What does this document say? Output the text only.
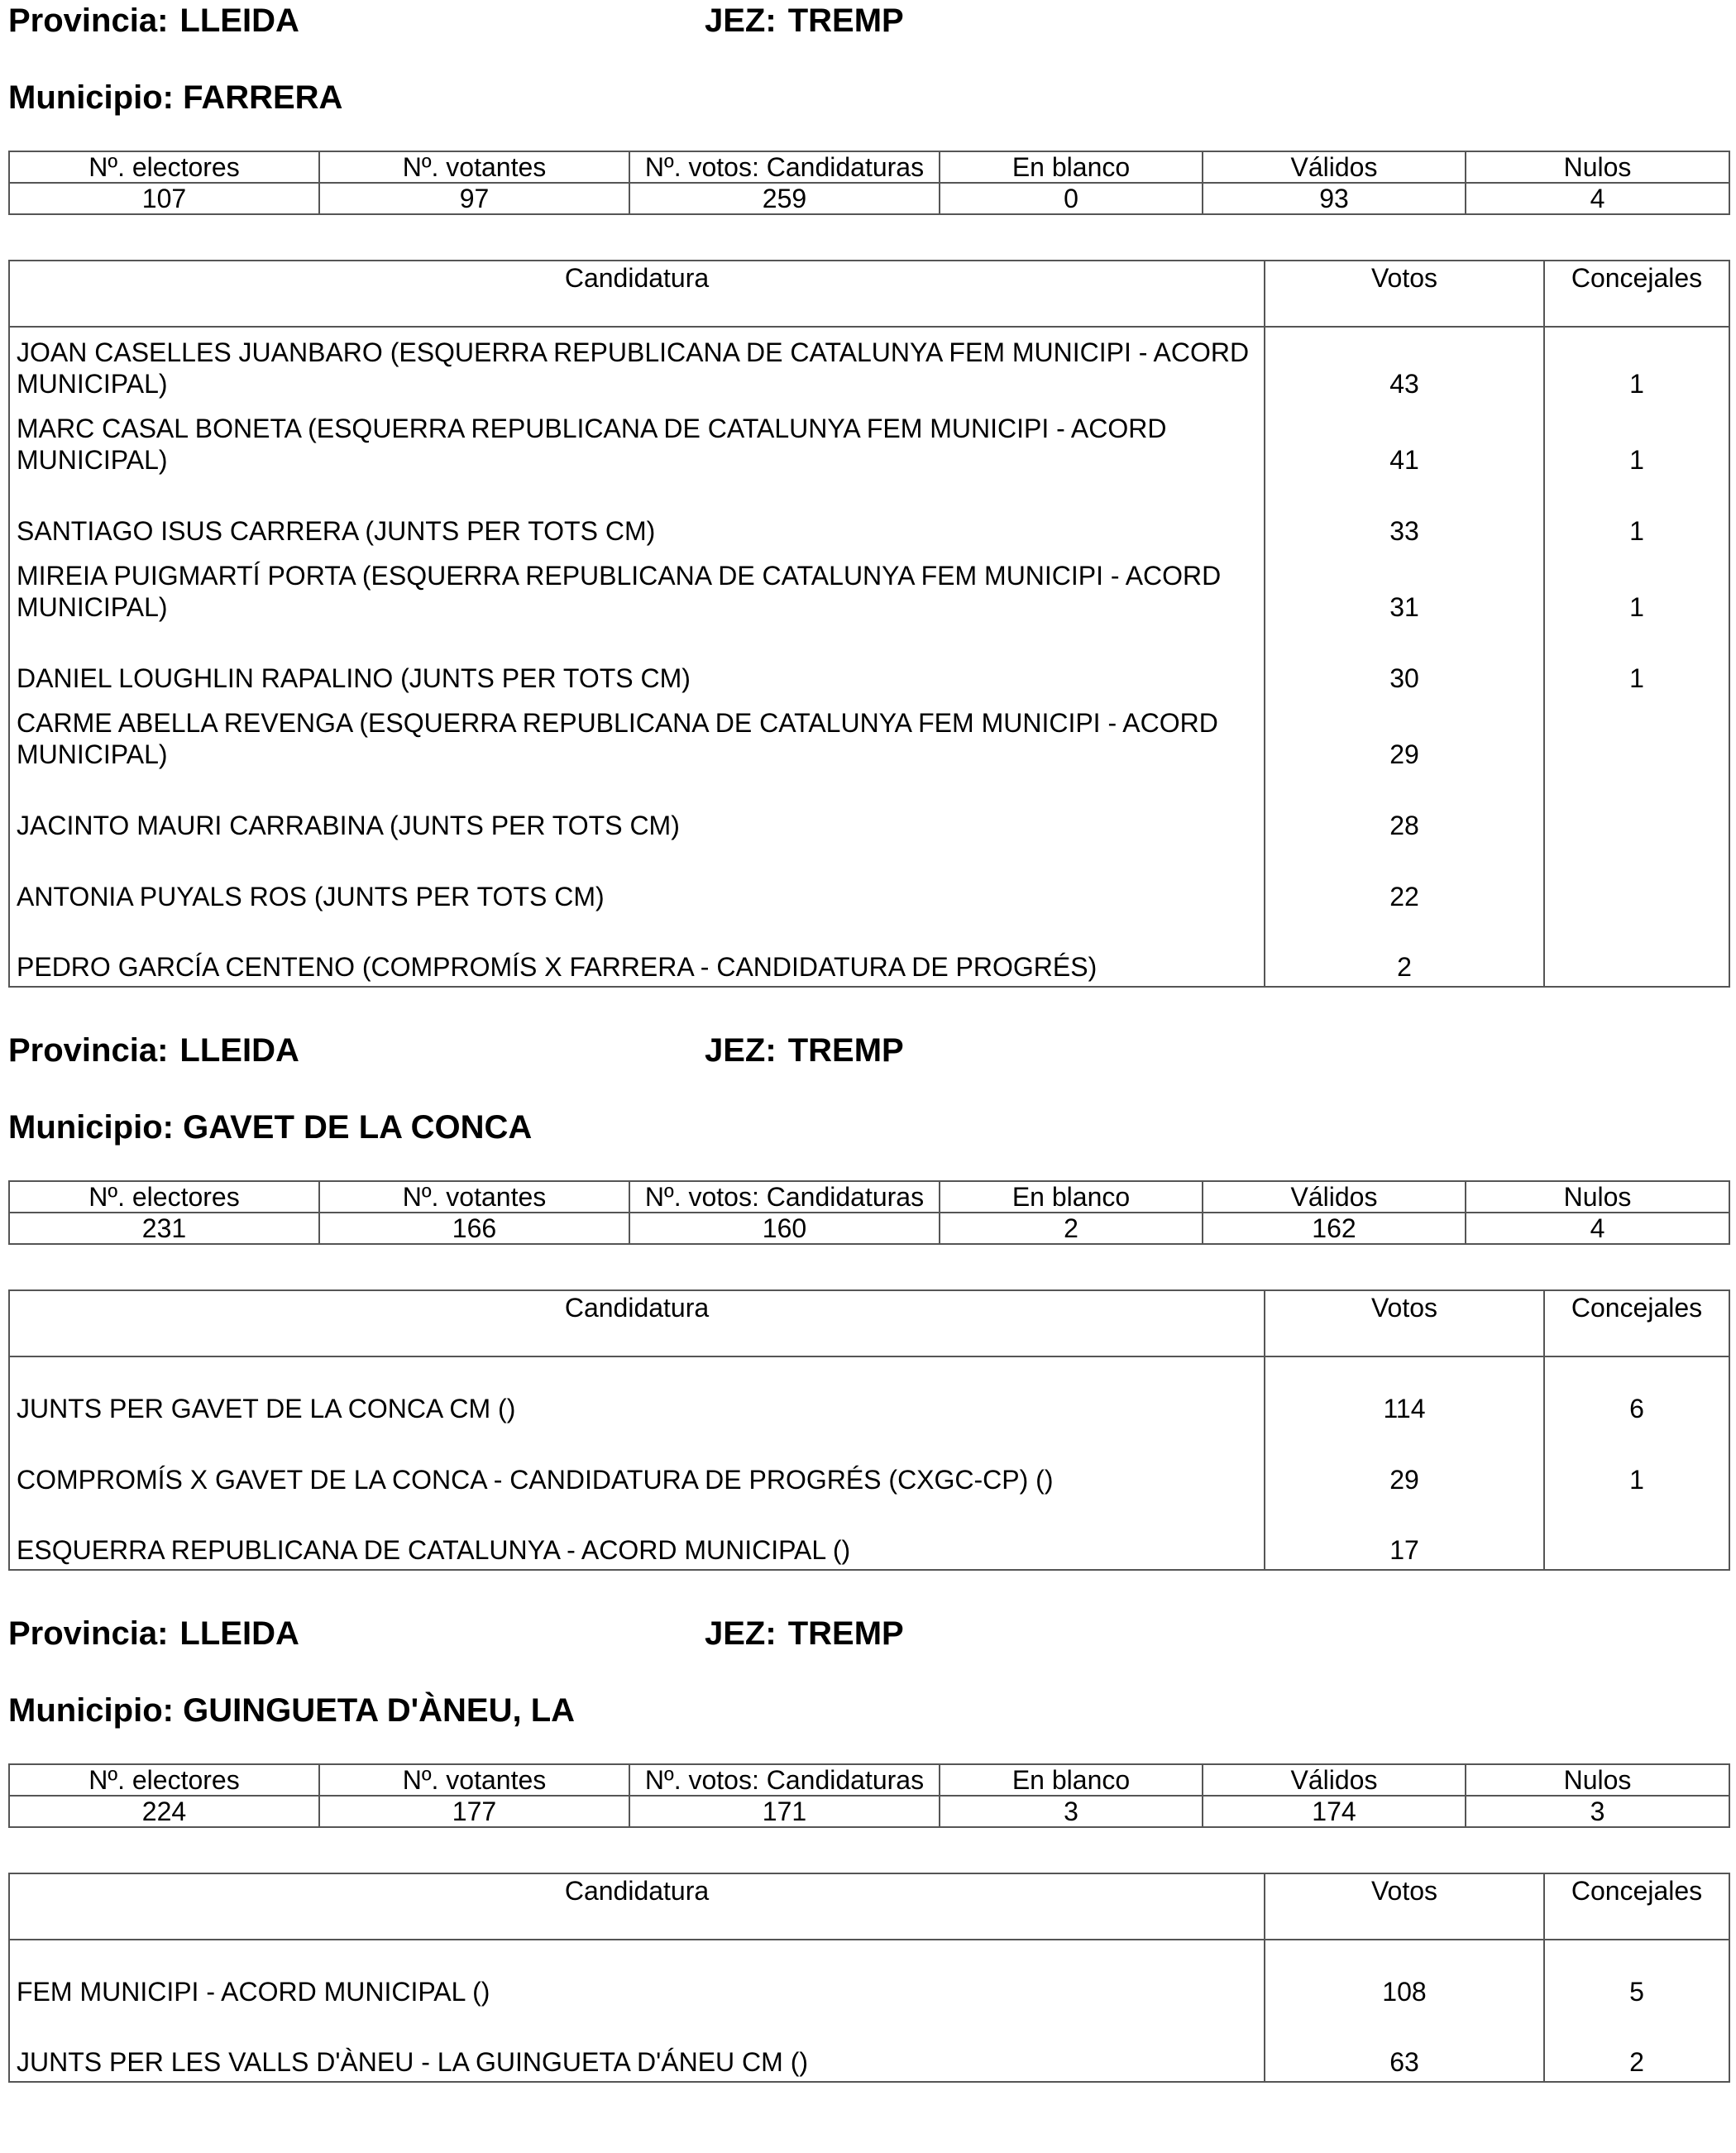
Provincia: LLEIDA	JEZ: TREMP
Municipio: FARRERA
Nº. electores	Nº. votantes	Nº. votos: Candidaturas	En blanco	Válidos	Nulos
107	97	259	0	93	4
Candidatura	Votos	Concejales
JOAN CASELLES JUANBARO (ESQUERRA REPUBLICANA DE CATALUNYA FEM MUNICIPI - ACORD MUNICIPAL)	43	1
MARC CASAL BONETA (ESQUERRA REPUBLICANA DE CATALUNYA FEM MUNICIPI - ACORD MUNICIPAL)	41	1
SANTIAGO ISUS CARRERA (JUNTS PER TOTS CM)	33	1
MIREIA PUIGMARTÍ PORTA (ESQUERRA REPUBLICANA DE CATALUNYA FEM MUNICIPI - ACORD MUNICIPAL)	31	1
DANIEL LOUGHLIN RAPALINO (JUNTS PER TOTS CM)	30	1
CARME ABELLA REVENGA (ESQUERRA REPUBLICANA DE CATALUNYA FEM MUNICIPI - ACORD MUNICIPAL)	29	
JACINTO MAURI CARRABINA (JUNTS PER TOTS CM)	28	
ANTONIA PUYALS ROS (JUNTS PER TOTS CM)	22	
PEDRO GARCÍA CENTENO (COMPROMÍS X FARRERA - CANDIDATURA DE PROGRÉS)	2	
Provincia: LLEIDA	JEZ: TREMP
Municipio: GAVET DE LA CONCA
Nº. electores	Nº. votantes	Nº. votos: Candidaturas	En blanco	Válidos	Nulos
231	166	160	2	162	4
Candidatura	Votos	Concejales
JUNTS PER GAVET DE LA CONCA CM ()	114	6
COMPROMÍS X GAVET DE LA CONCA - CANDIDATURA DE PROGRÉS (CXGC-CP) ()	29	1
ESQUERRA REPUBLICANA DE CATALUNYA - ACORD MUNICIPAL ()	17	
Provincia: LLEIDA	JEZ: TREMP
Municipio: GUINGUETA D'ÀNEU, LA
Nº. electores	Nº. votantes	Nº. votos: Candidaturas	En blanco	Válidos	Nulos
224	177	171	3	174	3
Candidatura	Votos	Concejales
FEM MUNICIPI - ACORD MUNICIPAL ()	108	5
JUNTS PER LES VALLS D'ÀNEU - LA GUINGUETA D'ÁNEU CM ()	63	2
